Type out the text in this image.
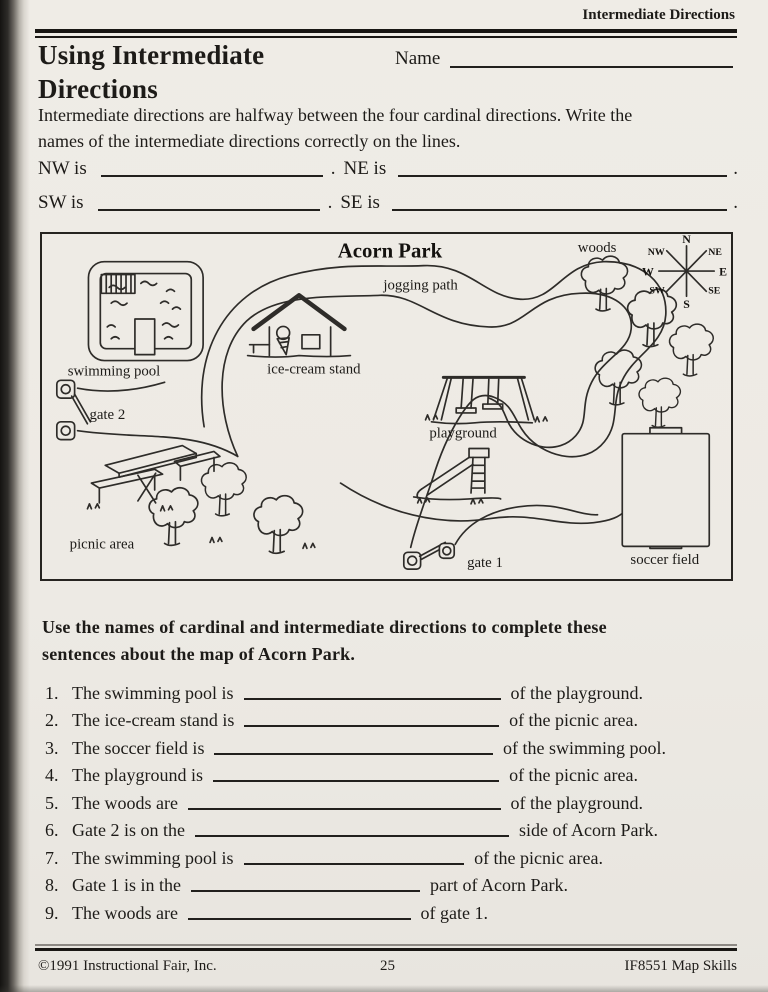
Intermediate Directions
Using Intermediate
Directions
Name
Intermediate directions are halfway between the four cardinal directions. Write the
names of the intermediate directions correctly on the lines.
NW is	. NE is	.
SW is	. SE is	.
Acorn Park	woods
jogging path
swimming pool	ice-cream stand
playground
gate 2
picnic area
gate 1	soccer field
N
S
W	E
NW	NE
SW	SE
Use the names of cardinal and intermediate directions to complete these
sentences about the map of Acorn Park.
1. The swimming pool is	of the playground.
2. The ice-cream stand is	of the picnic area.
3. The soccer field is	of the swimming pool.
4. The playground is	of the picnic area.
5. The woods are	of the playground.
6. Gate 2 is on the	side of Acorn Park.
7. The swimming pool is	of the picnic area.
8. Gate 1 is in the	part of Acorn Park.
9. The woods are	of gate 1.
©1991 Instructional Fair, Inc.	25	IF8551 Map Skills
